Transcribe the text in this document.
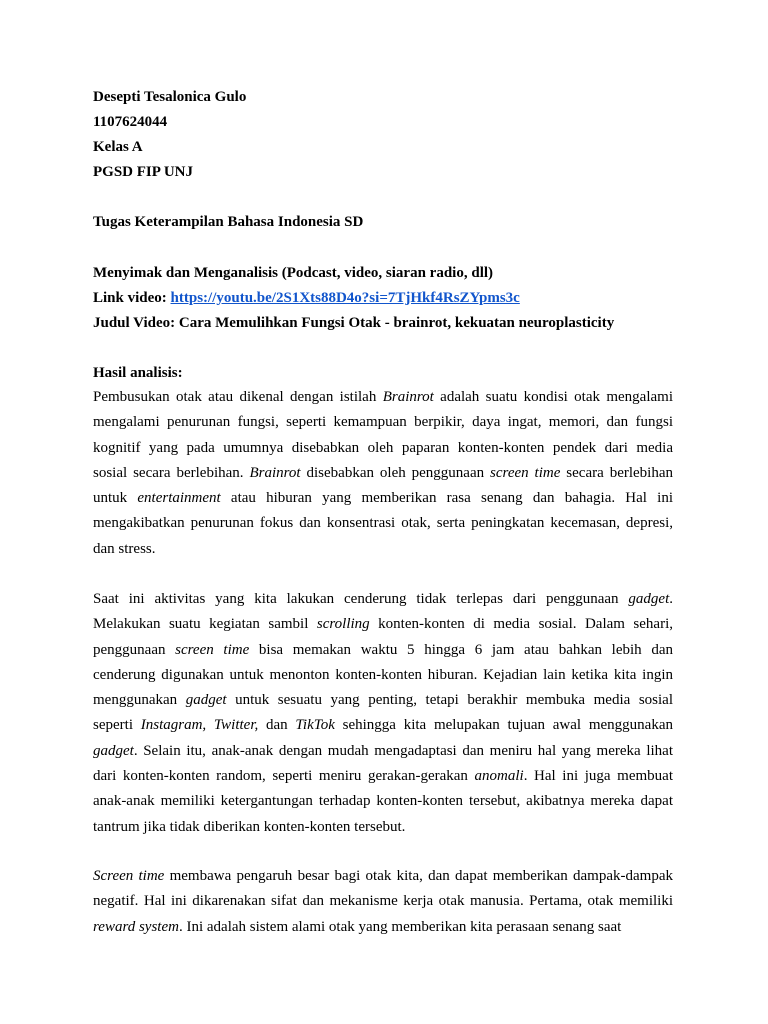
Desepti Tesalonica Gulo
1107624044
Kelas A
PGSD FIP UNJ
Tugas Keterampilan Bahasa Indonesia SD
Menyimak dan Menganalisis (Podcast, video, siaran radio, dll)
Link video: https://youtu.be/2S1Xts88D4o?si=7TjHkf4RsZYpms3c
Judul Video: Cara Memulihkan Fungsi Otak - brainrot, kekuatan neuroplasticity
Hasil analisis:
Pembusukan otak atau dikenal dengan istilah Brainrot adalah suatu kondisi otak mengalami
mengalami penurunan fungsi, seperti kemampuan berpikir, daya ingat, memori, dan fungsi
kognitif yang pada umumnya disebabkan oleh paparan konten-konten pendek dari media
sosial secara berlebihan. Brainrot disebabkan oleh penggunaan screen time secara berlebihan
untuk entertainment atau hiburan yang memberikan rasa senang dan bahagia. Hal ini
mengakibatkan penurunan fokus dan konsentrasi otak, serta peningkatan kecemasan, depresi,
dan stress.
Saat ini aktivitas yang kita lakukan cenderung tidak terlepas dari penggunaan gadget.
Melakukan suatu kegiatan sambil scrolling konten-konten di media sosial. Dalam sehari,
penggunaan screen time bisa memakan waktu 5 hingga 6 jam atau bahkan lebih dan
cenderung digunakan untuk menonton konten-konten hiburan. Kejadian lain ketika kita ingin
menggunakan gadget untuk sesuatu yang penting, tetapi berakhir membuka media sosial
seperti Instagram, Twitter, dan TikTok sehingga kita melupakan tujuan awal menggunakan
gadget. Selain itu, anak-anak dengan mudah mengadaptasi dan meniru hal yang mereka lihat
dari konten-konten random, seperti meniru gerakan-gerakan anomali. Hal ini juga membuat
anak-anak memiliki ketergantungan terhadap konten-konten tersebut, akibatnya mereka dapat
tantrum jika tidak diberikan konten-konten tersebut.
Screen time membawa pengaruh besar bagi otak kita, dan dapat memberikan dampak-dampak
negatif. Hal ini dikarenakan sifat dan mekanisme kerja otak manusia. Pertama, otak memiliki
reward system. Ini adalah sistem alami otak yang memberikan kita perasaan senang saat
